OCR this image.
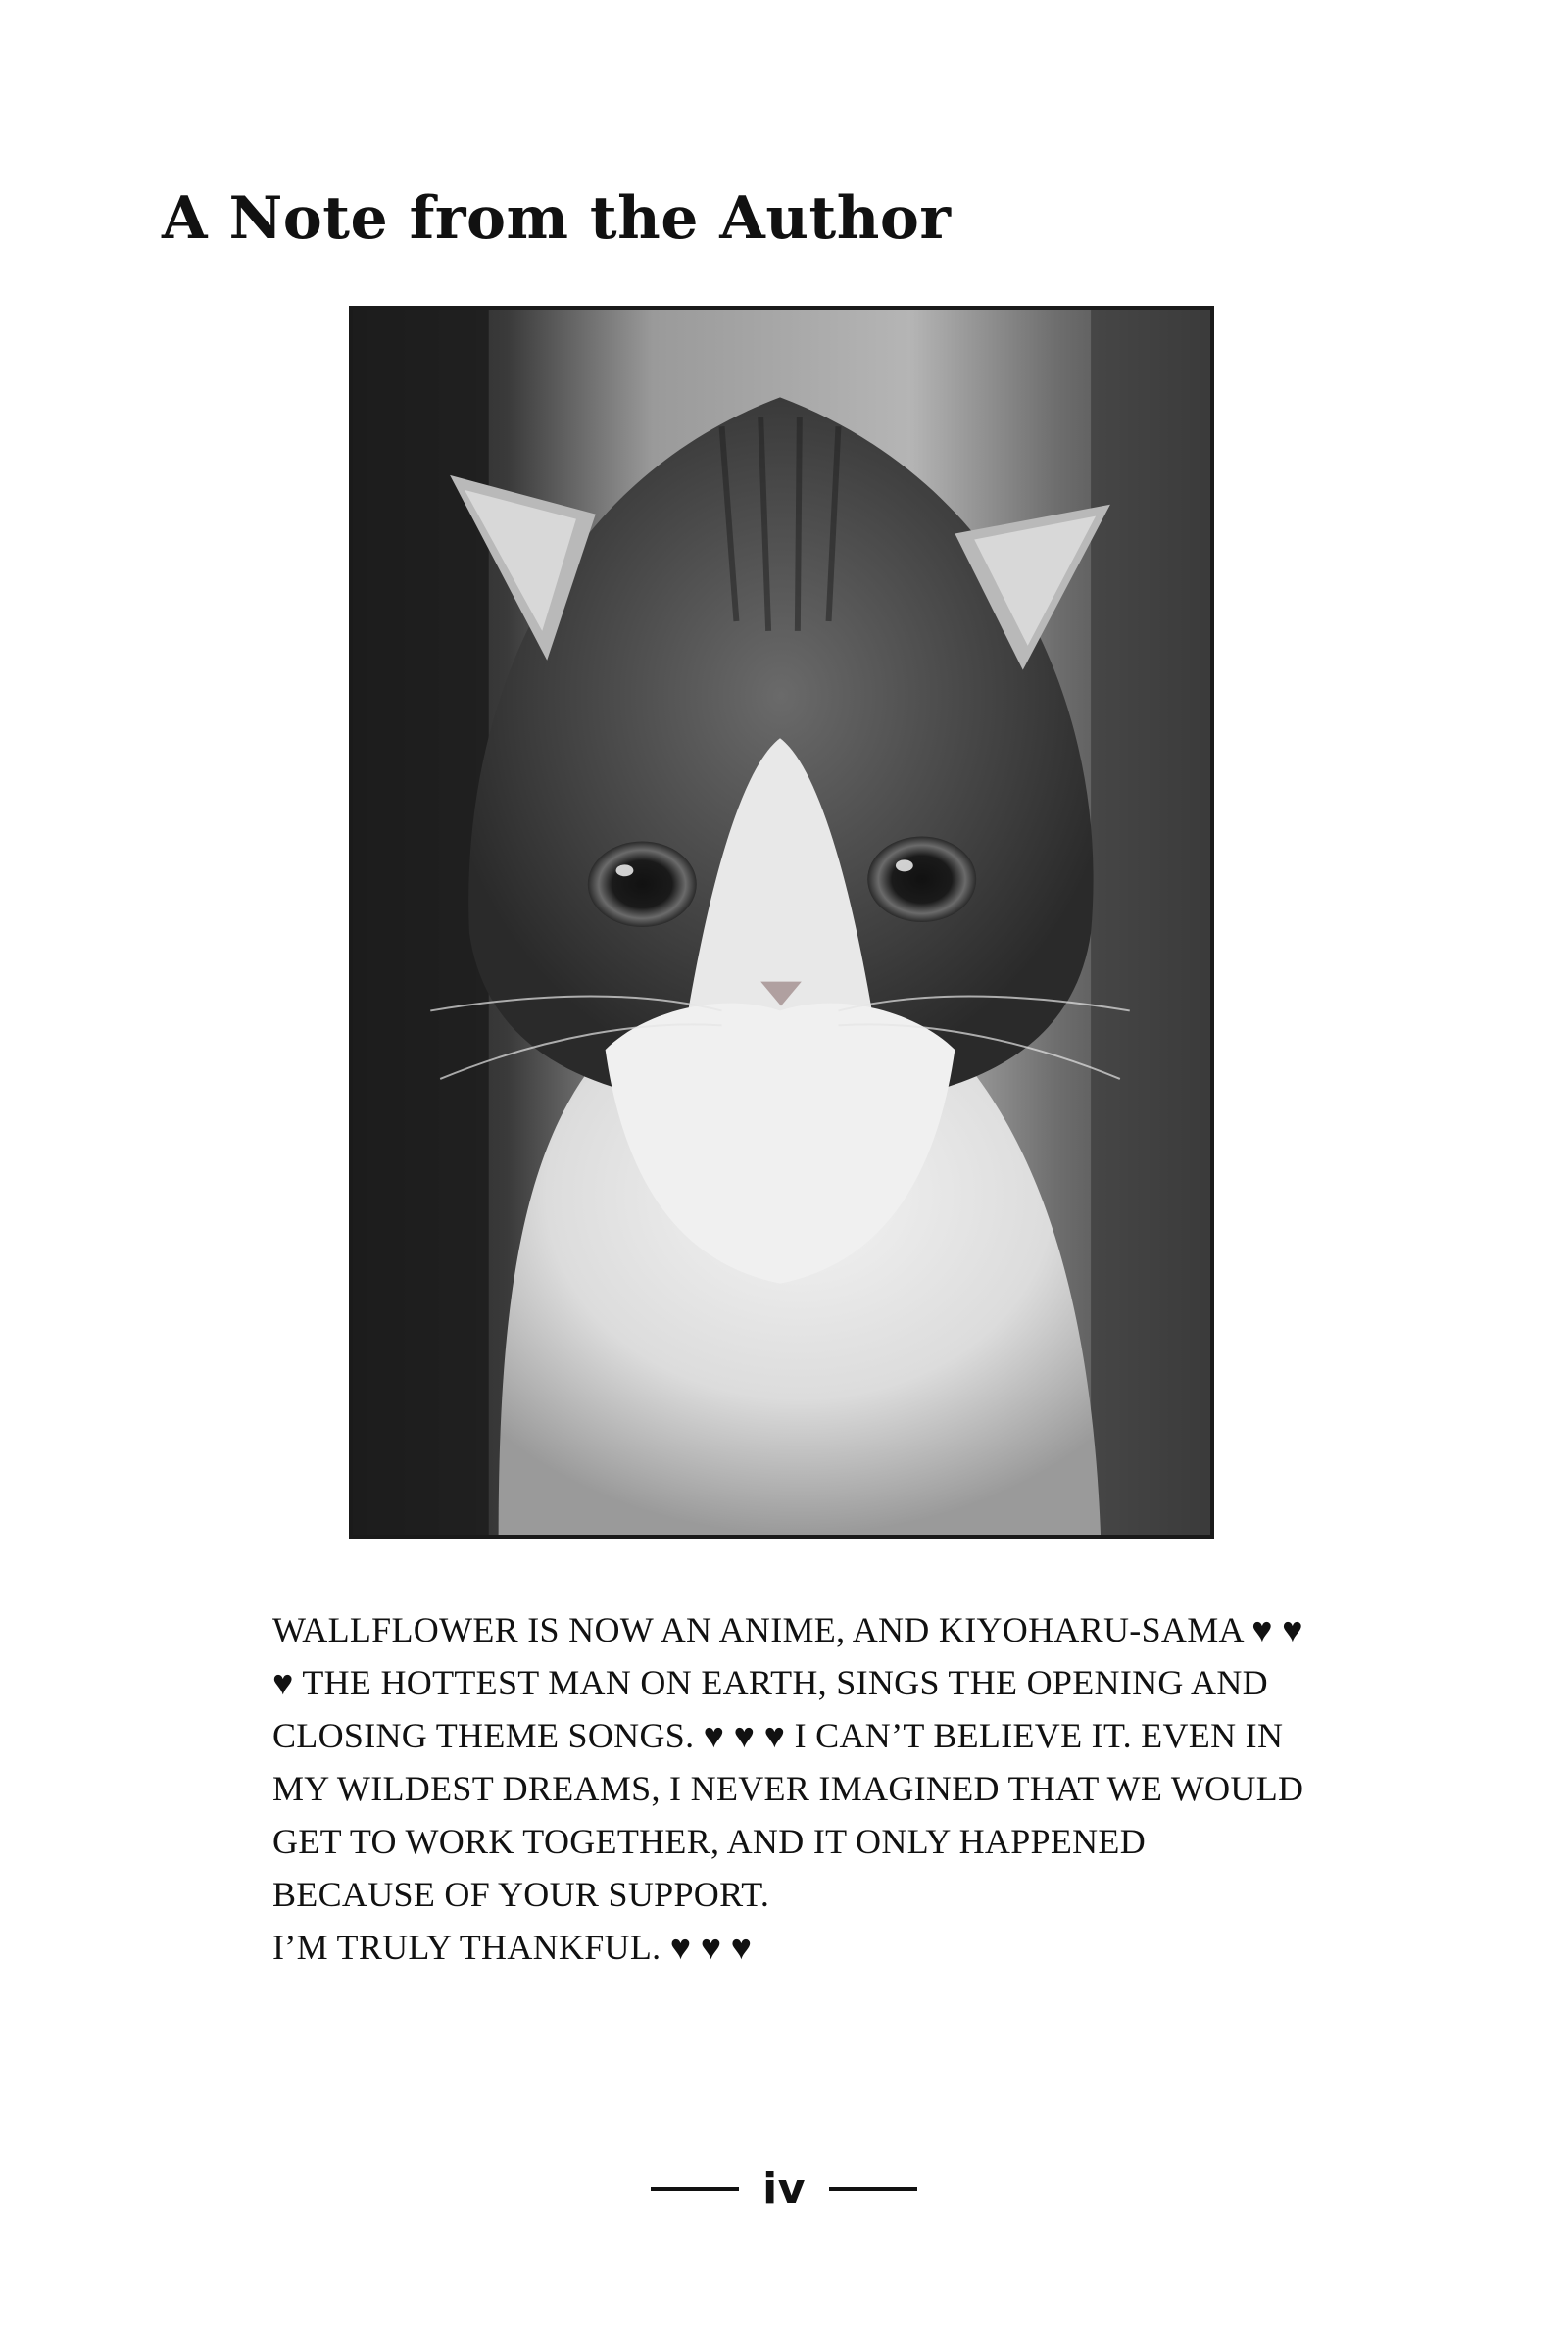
A Note from the Author

WALLFLOWER IS NOW AN ANIME, AND KIYOHARU-SAMA ♥ ♥ ♥ THE HOTTEST MAN ON EARTH, SINGS THE OPENING AND CLOSING THEME SONGS. ♥ ♥ ♥ I CAN’T BELIEVE IT. EVEN IN MY WILDEST DREAMS, I NEVER IMAGINED THAT WE WOULD GET TO WORK TOGETHER, AND IT ONLY HAPPENED BECAUSE OF YOUR SUPPORT.

I’M TRULY THANKFUL. ♥ ♥ ♥

iv
